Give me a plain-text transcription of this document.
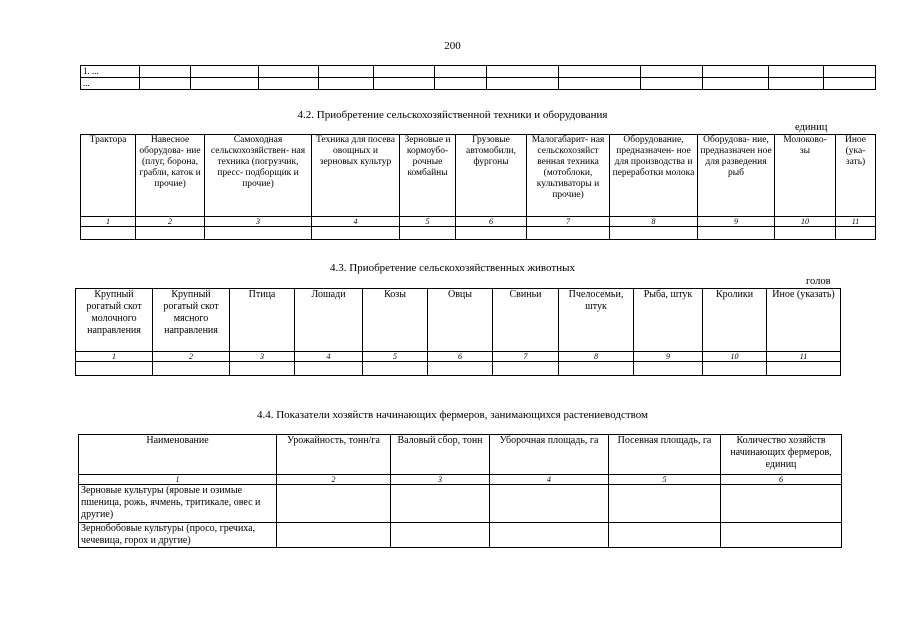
200
1. ...												
...												
4.2. Приобретение сельскохозяйственной техники и оборудования
единиц
Трактора	Навесное оборудова- ние (плуг, борона, грабли, каток и прочие)	Самоходная сельскохозяйствен- ная техника (погрузчик, пресс- подборщик и прочие)	Техника для посева овощных и зерновых культур	Зерновые и кормоубо- рочные комбайны	Грузовые автомобили, фургоны	Малогабарит- ная сельскохозяйст венная техника (мотоблоки, культиваторы и прочие)	Оборудование, предназначен- ное для производства и переработки молока	Оборудова- ние, предназначен ное для разведения рыб	Молоково- зы	Иное (ука- зать)
1	2	3	4	5	6	7	8	9	10	11

4.3. Приобретение сельскохозяйственных животных
голов
Крупный рогатый скот молочного направления	Крупный рогатый скот мясного направления	Птица	Лошади	Козы	Овцы	Свиньи	Пчелосемьи, штук	Рыба, штук	Кролики	Иное (указать)
1	2	3	4	5	6	7	8	9	10	11

4.4. Показатели хозяйств начинающих фермеров, занимающихся растениеводством
Наименование	Урожайность, тонн/га	Валовый сбор, тонн	Уборочная площадь, га	Посевная площадь, га	Количество хозяйств начинающих фермеров, единиц
1	2	3	4	5	6
Зерновые культуры (яровые и озимые пшеница, рожь, ячмень, тритикале, овес и другие)					
Зернобобовые культуры (просо, гречиха, чечевица, горох и другие)					
